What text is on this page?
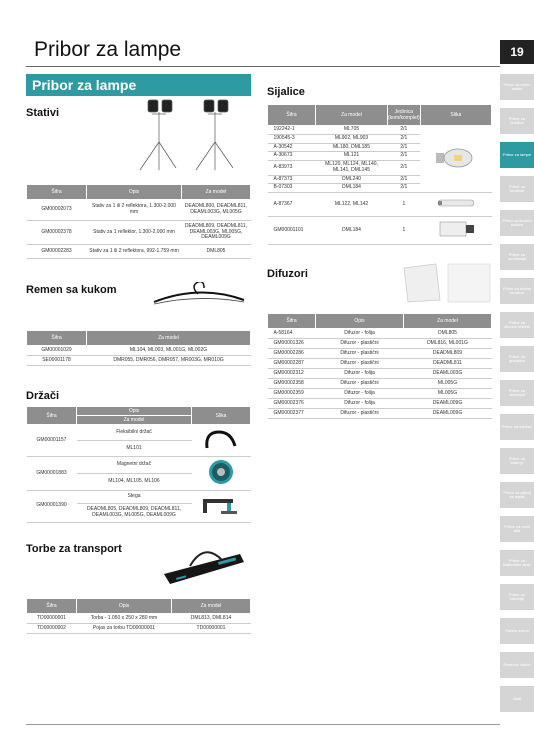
Pribor za lampe	19
Pribor za lampe
Stativi
Šifra	Opis	Za model
GM00002073	Stativ za 1 ili 2 reflektora, 1.300-2.000 mm	DEADML800, DEADML811, DEAML003G, ML005G
GM00002378	Stativ za 1 reflektor, 1.300-2.000 mm	DEADML809, DEADML811, DEAML003G, ML005G, DEAML009G
GM00002283	Stativ za 1 ili 2 reflektora, 992-1.759 mm	DML805
Remen sa kukom
Šifra	Za model
GM00001029	ML104, ML003, ML001G, ML002G
SE00001178	DMR055, DMR056, DMR057, MR003G, MR010G
Držači
Šifra	Opis	Slika
	Za model	
GM00001157	Fleksibilni držač	
	ML101	
GM00001883	Magnetni držač	
	ML104, ML105, ML106	
GM00001390	Stega	
	DEADML805, DEADML809, DEADML811, DEAML003G, ML005G, DEAML009G	
Torbe za transport
Šifra	Opis	Za model
TD00000001	Torba - 1.050 x 250 x 280 mm	DML813, DML814
TD00000002	Pojas za torbu TD00000001	TD00000001
Sijalice
Šifra	Za model	Jedinica (kom/komplet)	Slika
192242-1	ML705	2/1	
190545-3	ML902, ML903	2/1	
A-30542	ML180, DML185	2/1	
A-30673	ML121	2/1	
A-83973	ML120, ML124, ML140, ML141, DML145	2/1	
A-87373	DML240	2/1	
B-07303	DML184	2/1	
A-87367	ML122, ML142	1	
GM00001101	DML184	1	
Difuzori
Šifra	Opis	Za model
A-58164	Difuzor - folija	DML805
GM00001326	Difuzor - plastični	DML816, ML001G
GM00002286	Difuzor - plastični	DEADML809
GM00002287	Difuzor - plastični	DEADML811
GM00002312	Difuzor - folija	DEAML003G
GM00002358	Difuzor - plastični	ML005G
GM00002359	Difuzor - folija	ML005G
GM00002376	Difuzor - folija	DEAML009G
GM00002377	Difuzor - plastični	DEAML009G
Pribor za reznu alatku
Pribor za bušilice
Pribor za lampe
Pribor za brusilice
Pribor za kružne testere
Pribor za rendisanje
Pribor za tračne brusilice
Pribor za ubodne testere
Pribor za glodalice
Pribor za usisivače
Pribor za sabirač
Pribor za baterije
Pribor za pištolj za lepak
Pribor za multi alat
Pribor za baštenske alate
Pribor za čišćenje
Radna odeća
Rezervni delovi
Alati
